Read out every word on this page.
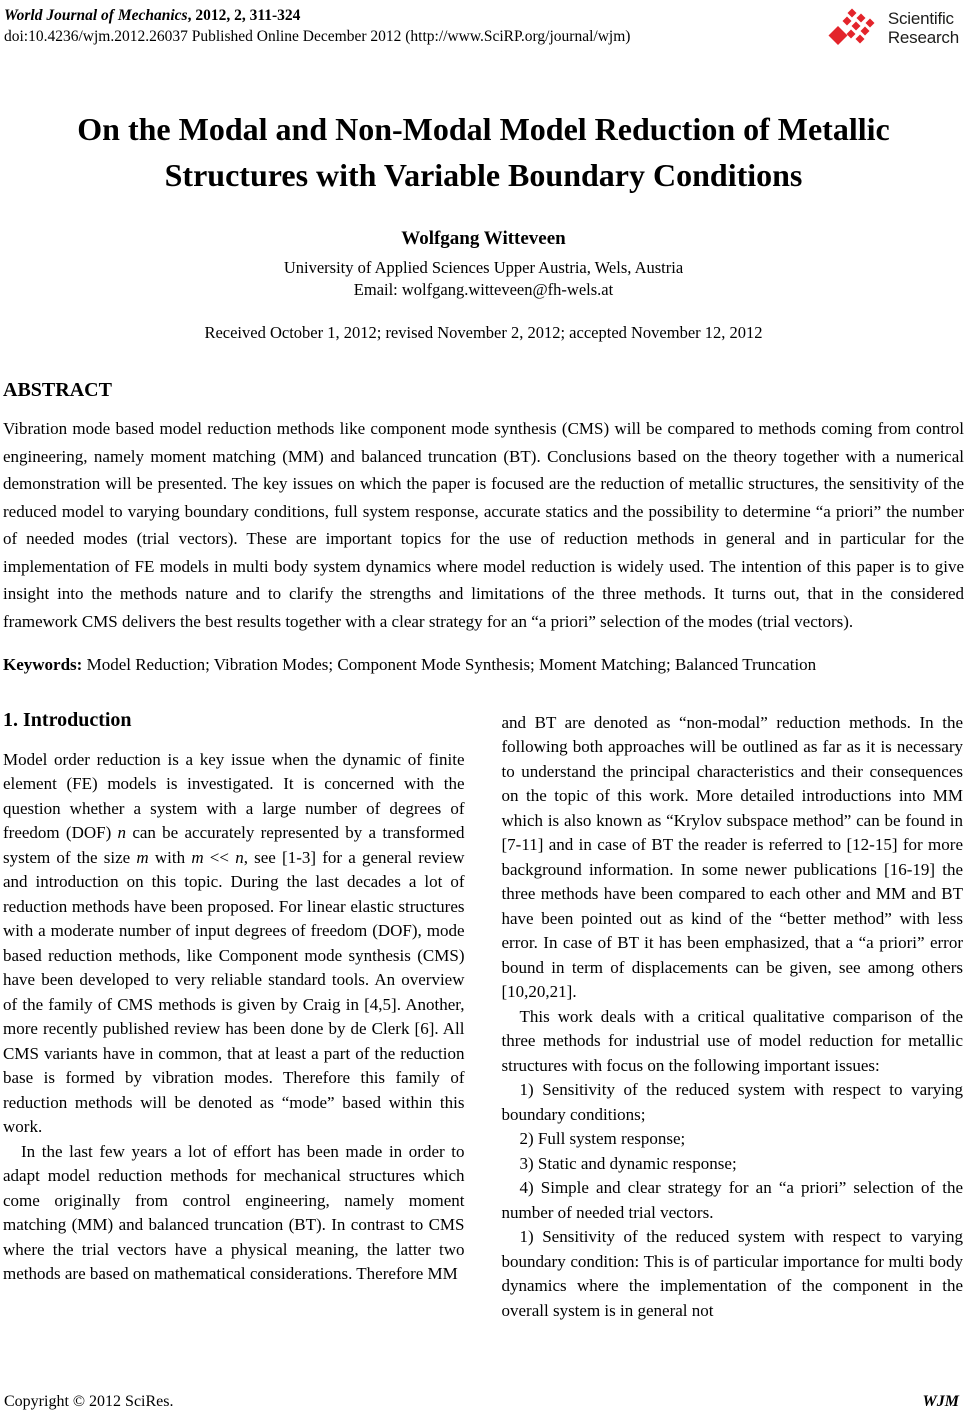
World Journal of Mechanics, 2012, 2, 311-324
doi:10.4236/wjm.2012.26037 Published Online December 2012 (http://www.SciRP.org/journal/wjm)
Scientific
Research
On the Modal and Non-Modal Model Reduction of Metallic Structures with Variable Boundary Conditions
Wolfgang Witteveen
University of Applied Sciences Upper Austria, Wels, Austria
Email: wolfgang.witteveen@fh-wels.at
Received October 1, 2012; revised November 2, 2012; accepted November 12, 2012
ABSTRACT

Vibration mode based model reduction methods like component mode synthesis (CMS) will be compared to methods coming from control engineering, namely moment matching (MM) and balanced truncation (BT). Conclusions based on the theory together with a numerical demonstration will be presented. The key issues on which the paper is focused are the reduction of metallic structures, the sensitivity of the reduced model to varying boundary conditions, full system response, accurate statics and the possibility to determine “a priori” the number of needed modes (trial vectors). These are important topics for the use of reduction methods in general and in particular for the implementation of FE models in multi body system dynamics where model reduction is widely used. The intention of this paper is to give insight into the methods nature and to clarify the strengths and limitations of the three methods. It turns out, that in the considered framework CMS delivers the best results together with a clear strategy for an “a priori” selection of the modes (trial vectors).

Keywords: Model Reduction; Vibration Modes; Component Mode Synthesis; Moment Matching; Balanced Truncation

1. Introduction

Model order reduction is a key issue when the dynamic of finite element (FE) models is investigated. It is concerned with the question whether a system with a large number of degrees of freedom (DOF) n can be accurately represented by a transformed system of the size m with m << n, see [1-3] for a general review and introduction on this topic. During the last decades a lot of reduction methods have been proposed. For linear elastic structures with a moderate number of input degrees of freedom (DOF), mode based reduction methods, like Component mode synthesis (CMS) have been developed to very reliable standard tools. An overview of the family of CMS methods is given by Craig in [4,5]. Another, more recently published review has been done by de Clerk [6]. All CMS variants have in common, that at least a part of the reduction base is formed by vibration modes. Therefore this family of reduction methods will be denoted as “mode” based within this work.

In the last few years a lot of effort has been made in order to adapt model reduction methods for mechanical structures which come originally from control engineering, namely moment matching (MM) and balanced truncation (BT). In contrast to CMS where the trial vectors have a physical meaning, the latter two methods are based on mathematical considerations. Therefore MM

and BT are denoted as “non-modal” reduction methods. In the following both approaches will be outlined as far as it is necessary to understand the principal characteristics and their consequences on the topic of this work. More detailed introductions into MM which is also known as “Krylov subspace method” can be found in [7-11] and in case of BT the reader is referred to [12-15] for more background information. In some newer publications [16-19] the three methods have been compared to each other and MM and BT have been pointed out as kind of the “better method” with less error. In case of BT it has been emphasized, that a “a priori” error bound in term of displacements can be given, see among others [10,20,21].

This work deals with a critical qualitative comparison of the three methods for industrial use of model reduction for metallic structures with focus on the following important issues:

1) Sensitivity of the reduced system with respect to varying boundary conditions;

2) Full system response;

3) Static and dynamic response;

4) Simple and clear strategy for an “a priori” selection of the number of needed trial vectors.

1) Sensitivity of the reduced system with respect to varying boundary condition: This is of particular importance for multi body dynamics where the implementation of the component in the overall system is in general not

Copyright © 2012 SciRes.	WJM
